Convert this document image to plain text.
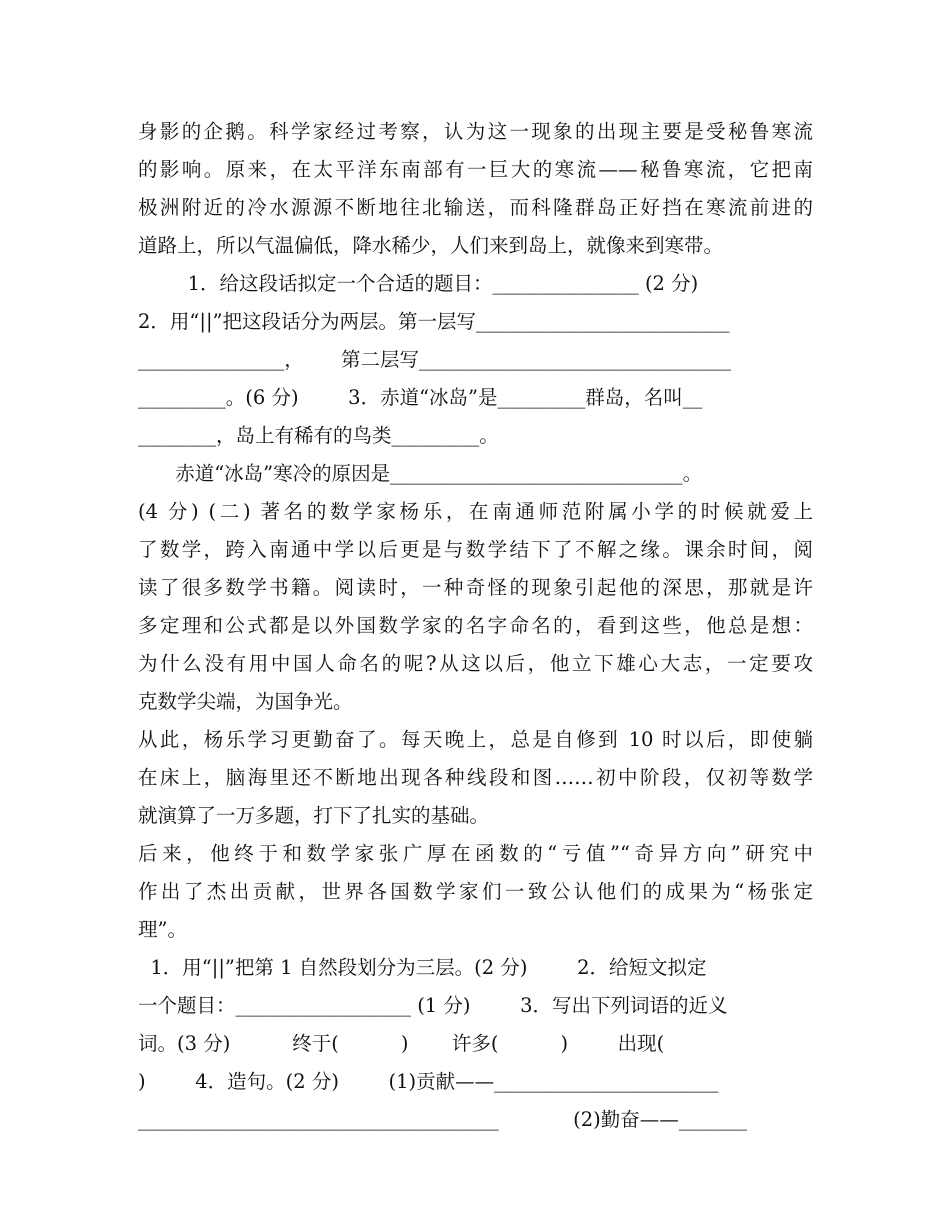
身影的企鹅。科学家经过考察，认为这一现象的出现主要是受秘鲁寒流
的影响。原来，在太平洋东南部有一巨大的寒流——秘鲁寒流，它把南
极洲附近的冷水源源不断地往北输送，而科隆群岛正好挡在寒流前进的
道路上，所以气温偏低，降水稀少，人们来到岛上，就像来到寒带。
1．给这段话拟定一个合适的题目：_______________ (2 分)
2．用“||”把这段话分为两层。第一层写__________________________
_______________，      第二层写________________________________
_________。(6 分)        3．赤道“冰岛”是_________群岛，名叫__
________，岛上有稀有的鸟类_________。
赤道“冰岛”寒冷的原因是______________________________。
(4 分) (二) 著名的数学家杨乐，在南通师范附属小学的时候就爱上
了数学，跨入南通中学以后更是与数学结下了不解之缘。课余时间，阅
读了很多数学书籍。阅读时，一种奇怪的现象引起他的深思，那就是许
多定理和公式都是以外国数学家的名字命名的，看到这些，他总是想：
为什么没有用中国人命名的呢?从这以后，他立下雄心大志，一定要攻
克数学尖端，为国争光。
从此，杨乐学习更勤奋了。每天晚上，总是自修到 10 时以后，即使躺
在床上，脑海里还不断地出现各种线段和图……初中阶段，仅初等数学
就演算了一万多题，打下了扎实的基础。
后来，他终于和数学家张广厚在函数的“亏值”“奇异方向”研究中
作出了杰出贡献，世界各国数学家们一致公认他们的成果为“杨张定
理”。
1．用“||”把第 1 自然段划分为三层。(2 分)        2．给短文拟定
一个题目：__________________ (1 分)        3．写出下列词语的近义
词。(3 分)          终于(          )       许多(          )        出现(
)        4．造句。(2 分)        (1)贡献——_______________________
_____________________________________            (2)勤奋——_______
